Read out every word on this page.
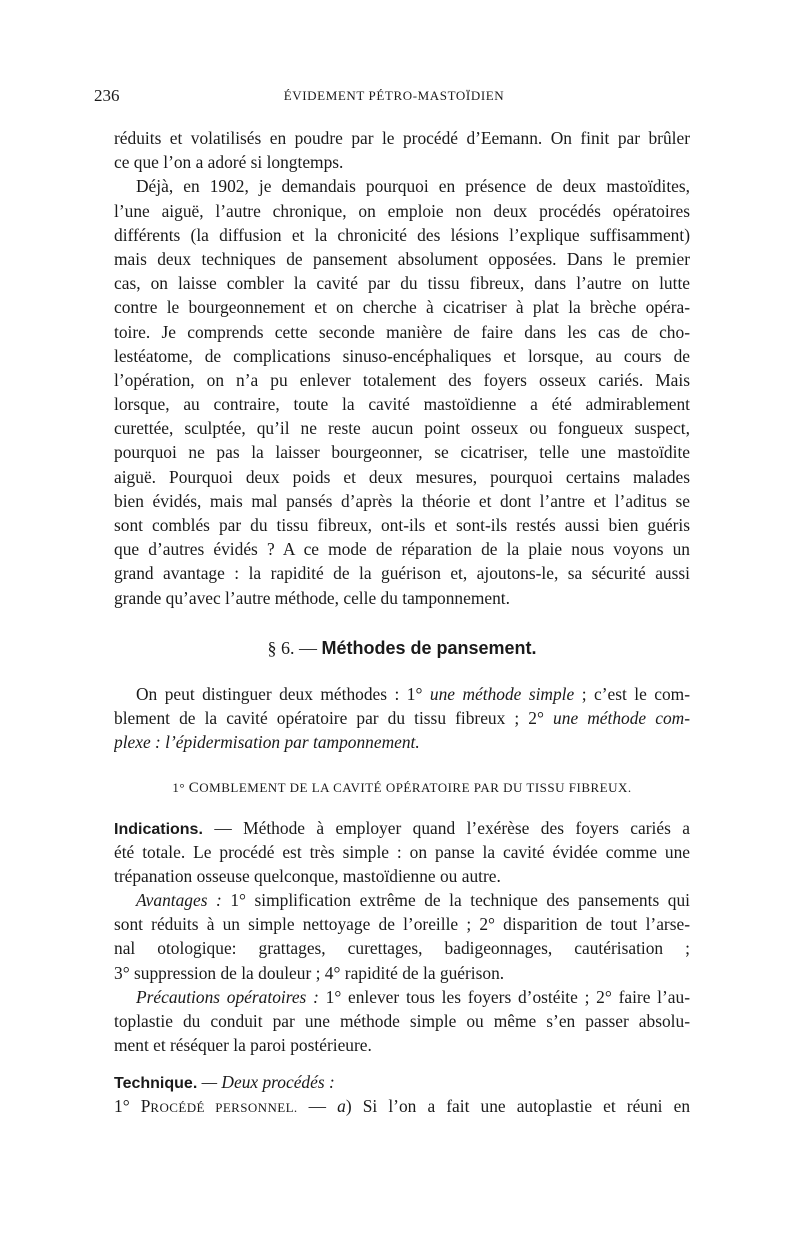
236	ÉVIDEMENT PÉTRO-MASTOÏDIEN
réduits et volatilisés en poudre par le procédé d’Eemann. On finit par brûler
ce que l’on a adoré si longtemps.
Déjà, en 1902, je demandais pourquoi en présence de deux mastoïdites,
l’une aiguë, l’autre chronique, on emploie non deux procédés opératoires
différents (la diffusion et la chronicité des lésions l’explique suffisamment)
mais deux techniques de pansement absolument opposées. Dans le premier
cas, on laisse combler la cavité par du tissu fibreux, dans l’autre on lutte
contre le bourgeonnement et on cherche à cicatriser à plat la brèche opéra-
toire. Je comprends cette seconde manière de faire dans les cas de cho-
lestéatome, de complications sinuso-encéphaliques et lorsque, au cours de
l’opération, on n’a pu enlever totalement des foyers osseux cariés. Mais
lorsque, au contraire, toute la cavité mastoïdienne a été admirablement
curettée, sculptée, qu’il ne reste aucun point osseux ou fongueux suspect,
pourquoi ne pas la laisser bourgeonner, se cicatriser, telle une mastoïdite
aiguë. Pourquoi deux poids et deux mesures, pourquoi certains malades
bien évidés, mais mal pansés d’après la théorie et dont l’antre et l’aditus se
sont comblés par du tissu fibreux, ont-ils et sont-ils restés aussi bien guéris
que d’autres évidés ? A ce mode de réparation de la plaie nous voyons un
grand avantage : la rapidité de la guérison et, ajoutons-le, sa sécurité aussi
grande qu’avec l’autre méthode, celle du tamponnement.
§ 6. — Méthodes de pansement.
On peut distinguer deux méthodes : 1° une méthode simple ; c’est le com-
blement de la cavité opératoire par du tissu fibreux ; 2° une méthode com-
plexe : l’épidermisation par tamponnement.
1° COMBLEMENT DE LA CAVITÉ OPÉRATOIRE PAR DU TISSU FIBREUX.
Indications. — Méthode à employer quand l’exérèse des foyers cariés a
été totale. Le procédé est très simple : on panse la cavité évidée comme une
trépanation osseuse quelconque, mastoïdienne ou autre.
Avantages : 1° simplification extrême de la technique des pansements qui
sont réduits à un simple nettoyage de l’oreille ; 2° disparition de tout l’arse-
nal otologique: grattages, curettages, badigeonnages, cautérisation ;
3° suppression de la douleur ; 4° rapidité de la guérison.
Précautions opératoires : 1° enlever tous les foyers d’ostéite ; 2° faire l’au-
toplastie du conduit par une méthode simple ou même s’en passer absolu-
ment et réséquer la paroi postérieure.
Technique. — Deux procédés :
1° PROCÉDÉ PERSONNEL. — a) Si l’on a fait une autoplastie et réuni en
